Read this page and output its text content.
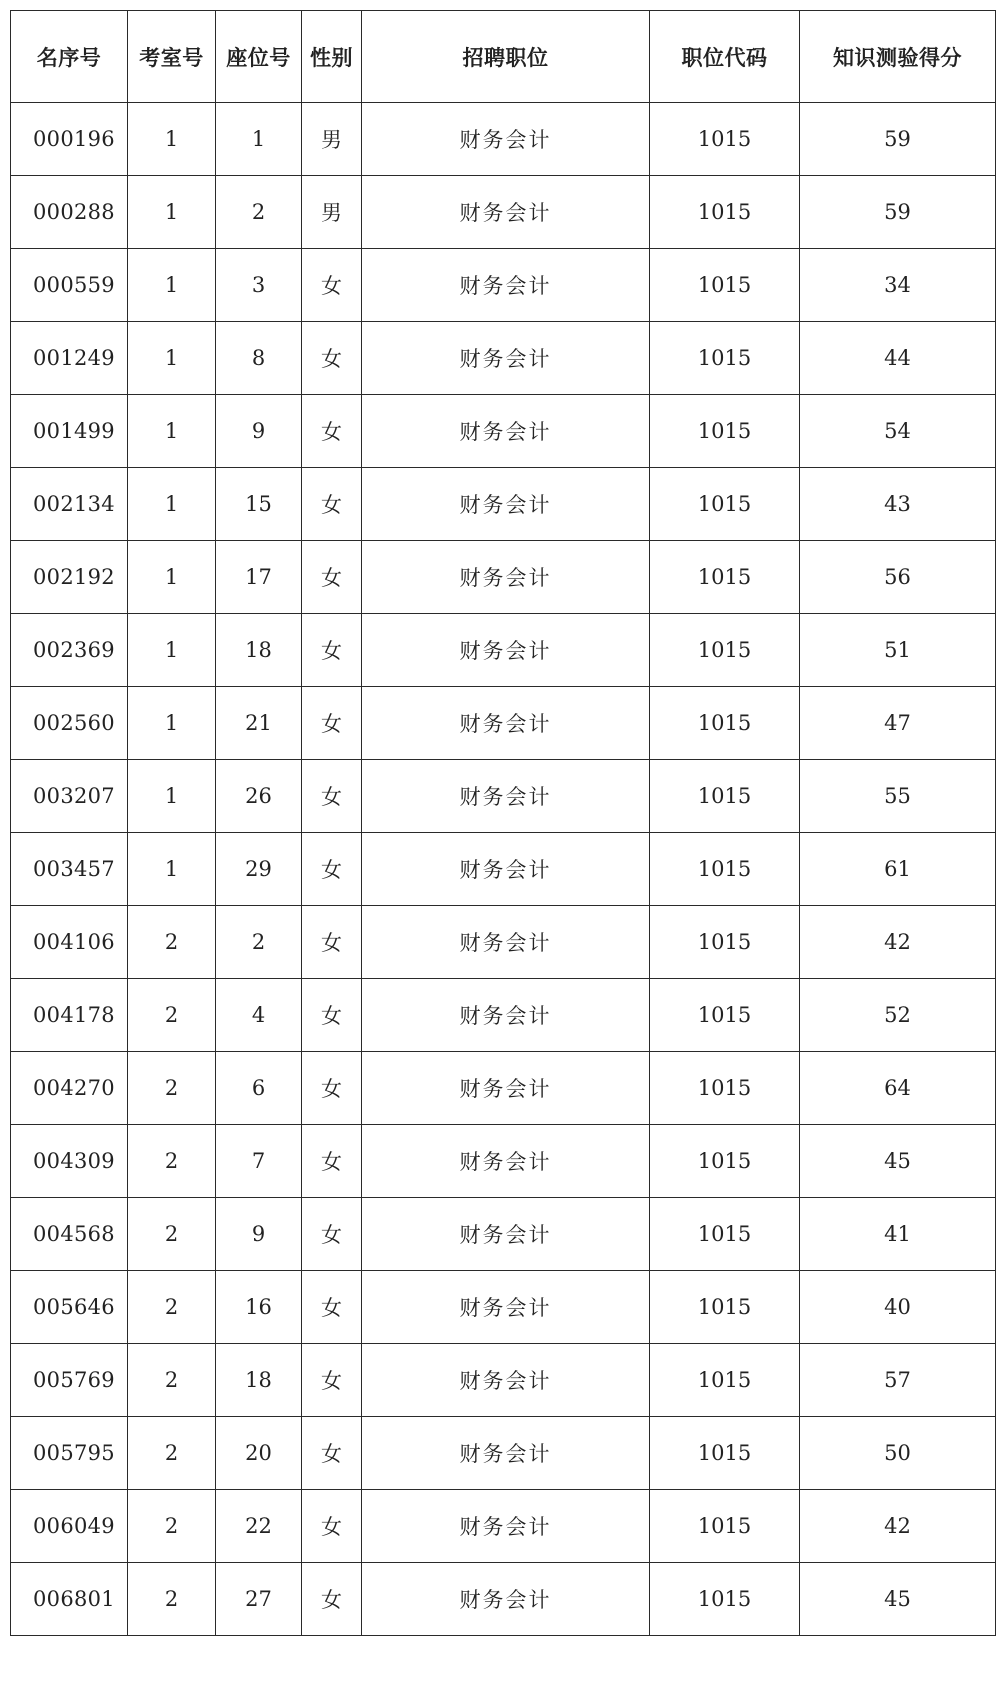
名序号	考室号	座位号	性别	招聘职位	职位代码	知识测验得分
000196	1	1	男	财务会计	1015	59
000288	1	2	男	财务会计	1015	59
000559	1	3	女	财务会计	1015	34
001249	1	8	女	财务会计	1015	44
001499	1	9	女	财务会计	1015	54
002134	1	15	女	财务会计	1015	43
002192	1	17	女	财务会计	1015	56
002369	1	18	女	财务会计	1015	51
002560	1	21	女	财务会计	1015	47
003207	1	26	女	财务会计	1015	55
003457	1	29	女	财务会计	1015	61
004106	2	2	女	财务会计	1015	42
004178	2	4	女	财务会计	1015	52
004270	2	6	女	财务会计	1015	64
004309	2	7	女	财务会计	1015	45
004568	2	9	女	财务会计	1015	41
005646	2	16	女	财务会计	1015	40
005769	2	18	女	财务会计	1015	57
005795	2	20	女	财务会计	1015	50
006049	2	22	女	财务会计	1015	42
006801	2	27	女	财务会计	1015	45
